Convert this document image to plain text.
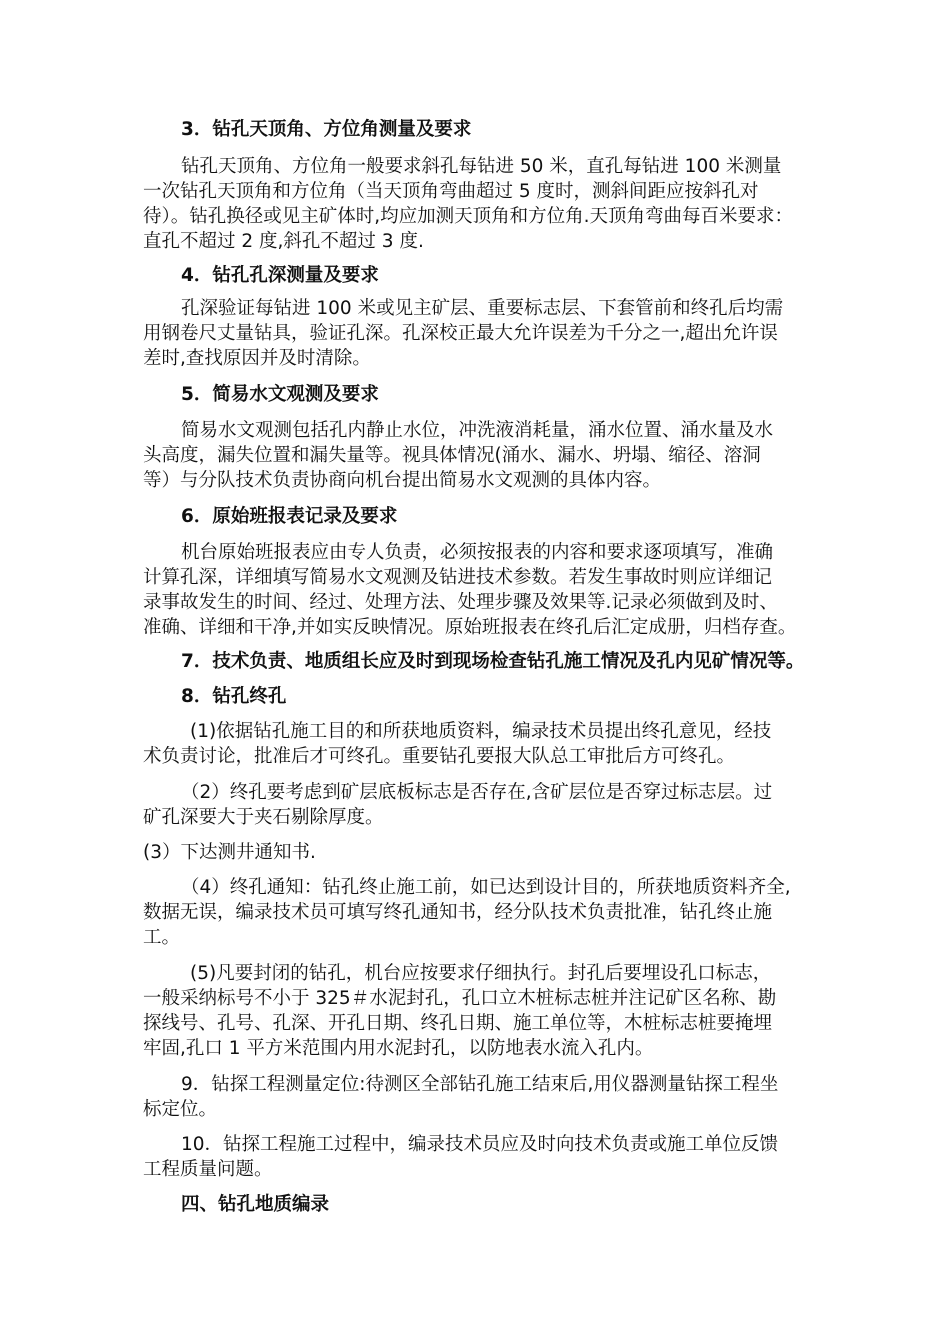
3．钻孔天顶角、方位角测量及要求
钻孔天顶角、方位角一般要求斜孔每钻进 50 米，直孔每钻进 100 米测量
一次钻孔天顶角和方位角（当天顶角弯曲超过 5 度时，测斜间距应按斜孔对
待）。钻孔换径或见主矿体时,均应加测天顶角和方位角.天顶角弯曲每百米要求：
直孔不超过 2 度,斜孔不超过 3 度.
4．钻孔孔深测量及要求
孔深验证每钻进 100 米或见主矿层、重要标志层、下套管前和终孔后均需
用钢卷尺丈量钻具，验证孔深。孔深校正最大允许误差为千分之一,超出允许误
差时,查找原因并及时清除。
5．简易水文观测及要求
简易水文观测包括孔内静止水位，冲洗液消耗量，涌水位置、涌水量及水
头高度，漏失位置和漏失量等。视具体情况(涌水、漏水、坍塌、缩径、溶洞
等）与分队技术负责协商向机台提出简易水文观测的具体内容。
6．原始班报表记录及要求
机台原始班报表应由专人负责，必须按报表的内容和要求逐项填写，准确
计算孔深，详细填写简易水文观测及钻进技术参数。若发生事故时则应详细记
录事故发生的时间、经过、处理方法、处理步骤及效果等.记录必须做到及时、
准确、详细和干净,并如实反映情况。原始班报表在终孔后汇定成册，归档存查。
7．技术负责、地质组长应及时到现场检查钻孔施工情况及孔内见矿情况等。
8．钻孔终孔
(1)依据钻孔施工目的和所获地质资料，编录技术员提出终孔意见，经技
术负责讨论，批准后才可终孔。重要钻孔要报大队总工审批后方可终孔。
（2）终孔要考虑到矿层底板标志是否存在,含矿层位是否穿过标志层。过
矿孔深要大于夹石剔除厚度。
(3）下达测井通知书.
（4）终孔通知：钻孔终止施工前，如已达到设计目的，所获地质资料齐全,
数据无误，编录技术员可填写终孔通知书，经分队技术负责批准，钻孔终止施
工。
(5)凡要封闭的钻孔，机台应按要求仔细执行。封孔后要埋设孔口标志，
一般采纳标号不小于 325＃水泥封孔，孔口立木桩标志桩并注记矿区名称、勘
探线号、孔号、孔深、开孔日期、终孔日期、施工单位等，木桩标志桩要掩埋
牢固,孔口 1 平方米范围内用水泥封孔，以防地表水流入孔内。
9．钻探工程测量定位:待测区全部钻孔施工结束后,用仪器测量钻探工程坐
标定位。
10．钻探工程施工过程中，编录技术员应及时向技术负责或施工单位反馈
工程质量问题。
四、钻孔地质编录
